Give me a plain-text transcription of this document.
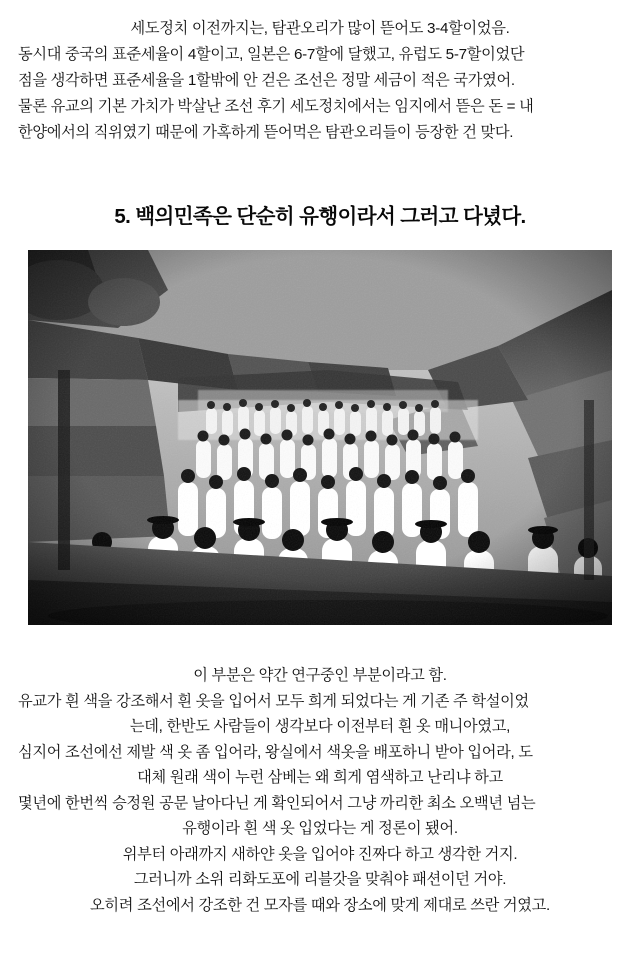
세도정치 이전까지는, 탐관오리가 많이 뜯어도 3-4할이었음.
동시대 중국의 표준세율이 4할이고, 일본은 6-7할에 달했고, 유럽도 5-7할이었단
점을 생각하면 표준세율을 1할밖에 안 걷은 조선은 정말 세금이 적은 국가였어.
물론 유교의 기본 가치가 박살난 조선 후기 세도정치에서는 임지에서 뜯은 돈 = 내
한양에서의 직위였기 때문에 가혹하게 뜯어먹은 탐관오리들이 등장한 건 맞다.
5. 백의민족은 단순히 유행이라서 그러고 다녔다.
이 부분은 약간 연구중인 부분이라고 함.
유교가 흰 색을 강조해서 흰 옷을 입어서 모두 희게 되었다는 게 기존 주 학설이었
는데, 한반도 사람들이 생각보다 이전부터 흰 옷 매니아였고,
심지어 조선에선 제발 색 옷 좀 입어라, 왕실에서 색옷을 배포하니 받아 입어라, 도
대체 원래 색이 누런 삼베는 왜 희게 염색하고 난리냐 하고
몇년에 한번씩 승정원 공문 날아다닌 게 확인되어서 그냥 까리한 최소 오백년 넘는
유행이라 흰 색 옷 입었다는 게 정론이 됐어.
위부터 아래까지 새하얀 옷을 입어야 진짜다 하고 생각한 거지.
그러니까 소위 리화도포에 리블갓을 맞춰야 패션이던 거야.
오히려 조선에서 강조한 건 모자를 때와 장소에 맞게 제대로 쓰란 거였고.
